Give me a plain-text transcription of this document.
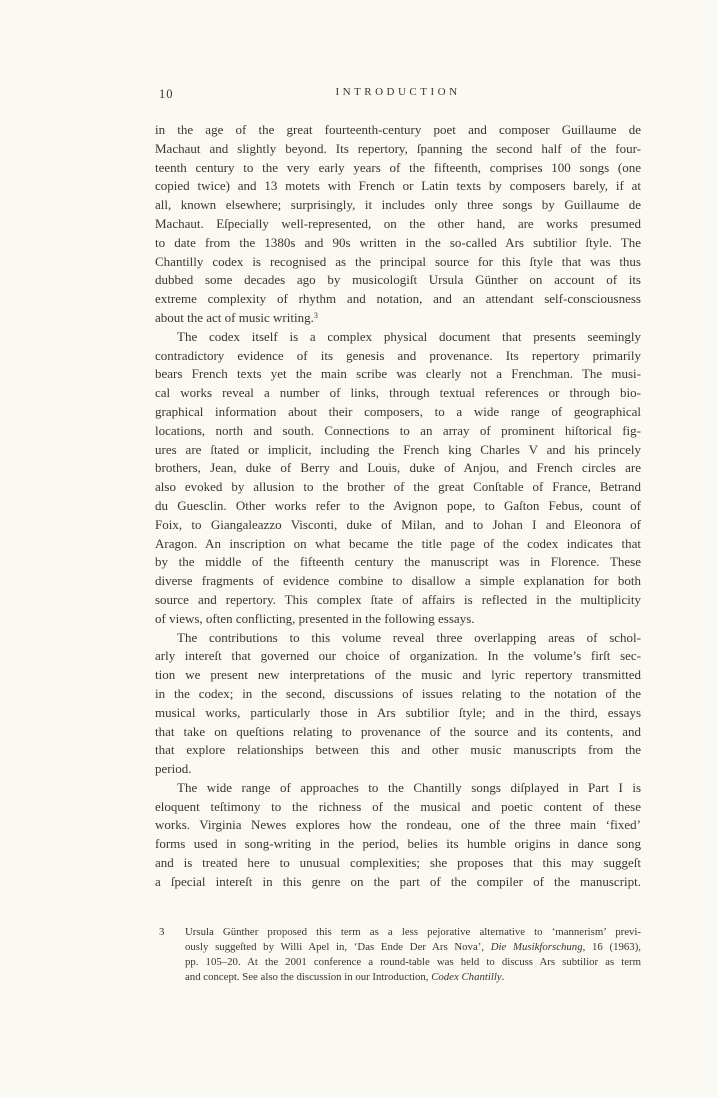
10	INTRODUCTION
in the age of the great fourteenth-century poet and composer Guillaume de
Machaut and slightly beyond. Its repertory, ſpanning the second half of the four-
teenth century to the very early years of the fifteenth, comprises 100 songs (one
copied twice) and 13 motets with French or Latin texts by composers barely, if at
all, known elsewhere; surprisingly, it includes only three songs by Guillaume de
Machaut. Eſpecially well-represented, on the other hand, are works presumed
to date from the 1380s and 90s written in the so-called Ars subtilior ſtyle. The
Chantilly codex is recognised as the principal source for this ſtyle that was thus
dubbed some decades ago by musicologiſt Ursula Günther on account of its
extreme complexity of rhythm and notation, and an attendant self-consciousness
about the act of music writing.$^3$
The codex itself is a complex physical document that presents seemingly
contradictory evidence of its genesis and provenance. Its repertory primarily
bears French texts yet the main scribe was clearly not a Frenchman. The musi-
cal works reveal a number of links, through textual references or through bio-
graphical information about their composers, to a wide range of geographical
locations, north and south. Connections to an array of prominent hiſtorical fig-
ures are ſtated or implicit, including the French king Charles V and his princely
brothers, Jean, duke of Berry and Louis, duke of Anjou, and French circles are
also evoked by allusion to the brother of the great Conſtable of France, Betrand
du Guesclin. Other works refer to the Avignon pope, to Gaſton Febus, count of
Foix, to Giangaleazzo Visconti, duke of Milan, and to Johan I and Eleonora of
Aragon. An inscription on what became the title page of the codex indicates that
by the middle of the fifteenth century the manuscript was in Florence. These
diverse fragments of evidence combine to disallow a simple explanation for both
source and repertory. This complex ſtate of affairs is reflected in the multiplicity
of views, often conflicting, presented in the following essays.
The contributions to this volume reveal three overlapping areas of schol-
arly intereſt that governed our choice of organization. In the volume’s firſt sec-
tion we present new interpretations of the music and lyric repertory transmitted
in the codex; in the second, discussions of issues relating to the notation of the
musical works, particularly those in Ars subtilior ſtyle; and in the third, essays
that take on queſtions relating to provenance of the source and its contents, and
that explore relationships between this and other music manuscripts from the
period.
The wide range of approaches to the Chantilly songs diſplayed in Part I is
eloquent teſtimony to the richness of the musical and poetic content of these
works. Virginia Newes explores how the rondeau, one of the three main ‘fixed’
forms used in song-writing in the period, belies its humble origins in dance song
and is treated here to unusual complexities; she proposes that this may suggeſt
a ſpecial intereſt in this genre on the part of the compiler of the manuscript.
3 Ursula Günther proposed this term as a less pejorative alternative to ‘mannerism’ previ-
ously suggeſted by Willi Apel in, ‘Das Ende Der Ars Nova’, Die Musikforschung, 16 (1963),
pp. 105–20. At the 2001 conference a round-table was held to discuss Ars subtilior as term
and concept. See also the discussion in our Introduction, Codex Chantilly.
